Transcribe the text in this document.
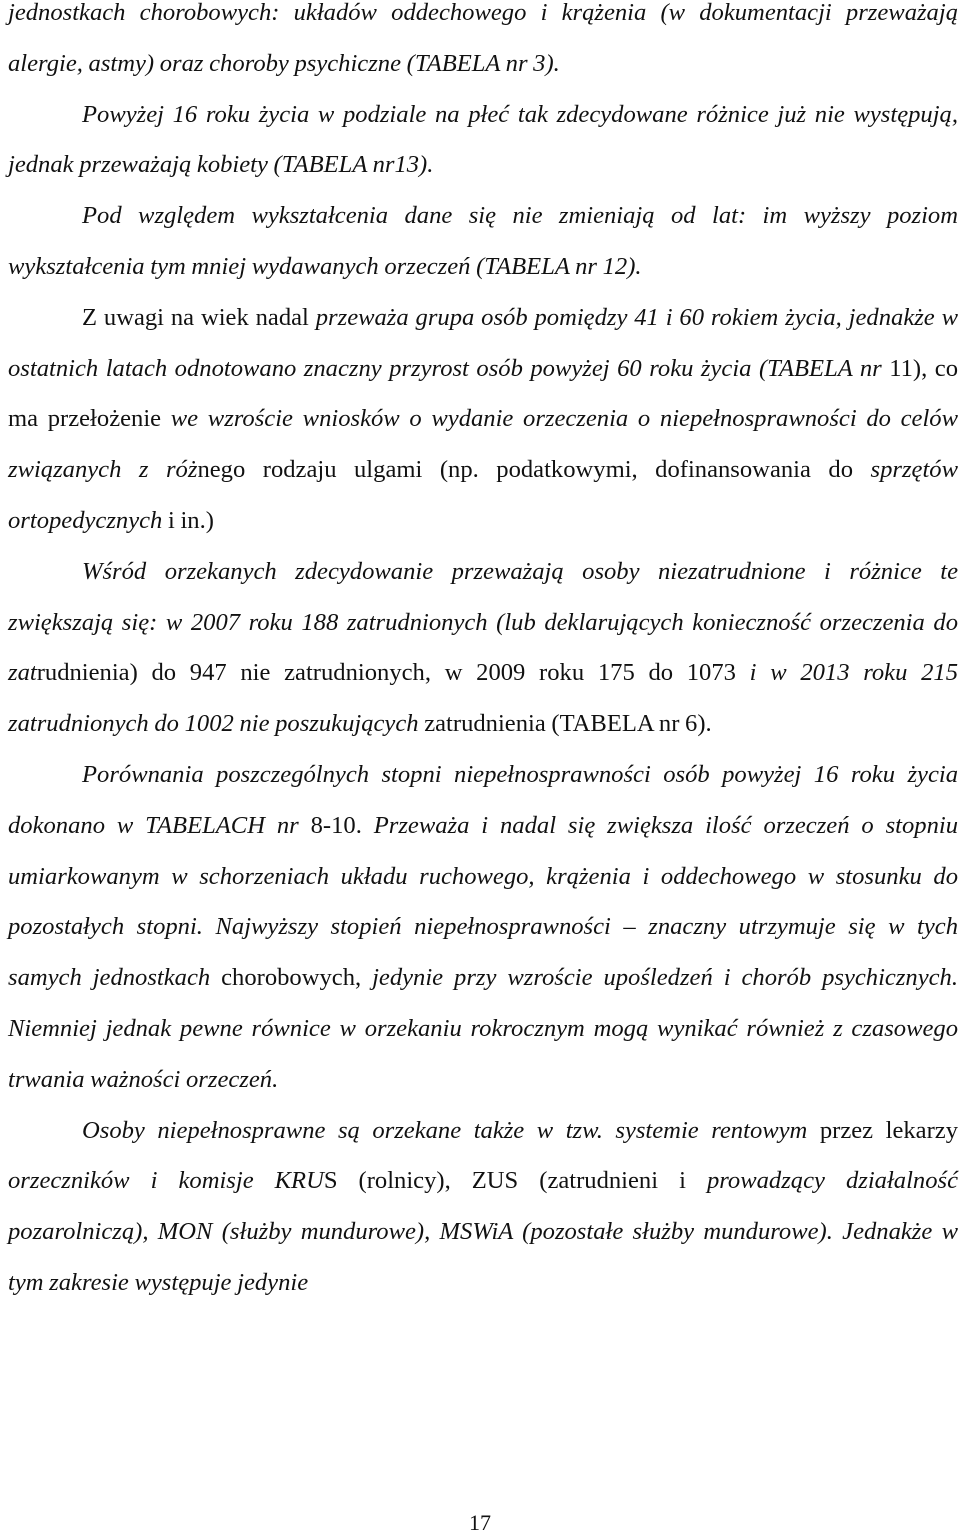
jednostkach chorobowych: układów oddechowego i krążenia (w dokumentacji przeważają alergie, astmy) oraz choroby psychiczne (TABELA nr 3).

Powyżej 16 roku życia w podziale na płeć tak zdecydowane różnice już nie występują, jednak przeważają kobiety (TABELA nr13).

Pod względem wykształcenia dane się nie zmieniają od lat: im wyższy poziom wykształcenia tym mniej wydawanych orzeczeń (TABELA nr 12).

Z uwagi na wiek nadal przeważa grupa osób pomiędzy 41 i 60 rokiem życia, jednakże w ostatnich latach odnotowano znaczny przyrost osób powyżej 60 roku życia (TABELA nr 11), co ma przełożenie we wzroście wniosków o wydanie orzeczenia o niepełnosprawności do celów związanych z różnego rodzaju ulgami (np. podatkowymi, dofinansowania do sprzętów ortopedycznych i in.)

Wśród orzekanych zdecydowanie przeważają osoby niezatrudnione i różnice te zwiększają się: w 2007 roku 188 zatrudnionych (lub deklarujących konieczność orzeczenia do zatrudnienia) do 947 nie zatrudnionych, w 2009 roku 175 do 1073 i w 2013 roku 215 zatrudnionych do 1002 nie poszukujących zatrudnienia (TABELA nr 6).

Porównania poszczególnych stopni niepełnosprawności osób powyżej 16 roku życia dokonano w TABELACH nr 8-10. Przeważa i nadal się zwiększa ilość orzeczeń o stopniu umiarkowanym w schorzeniach układu ruchowego, krążenia i oddechowego w stosunku do pozostałych stopni. Najwyższy stopień niepełnosprawności – znaczny utrzymuje się w tych samych jednostkach chorobowych, jedynie przy wzroście upośledzeń i chorób psychicznych. Niemniej jednak pewne równice w orzekaniu rokrocznym mogą wynikać również z czasowego trwania ważności orzeczeń.

Osoby niepełnosprawne są orzekane także w tzw. systemie rentowym przez lekarzy orzeczników i komisje KRUS (rolnicy), ZUS (zatrudnieni i prowadzący działalność pozarolniczą), MON (służby mundurowe), MSWiA (pozostałe służby mundurowe). Jednakże w tym zakresie występuje jedynie

17
